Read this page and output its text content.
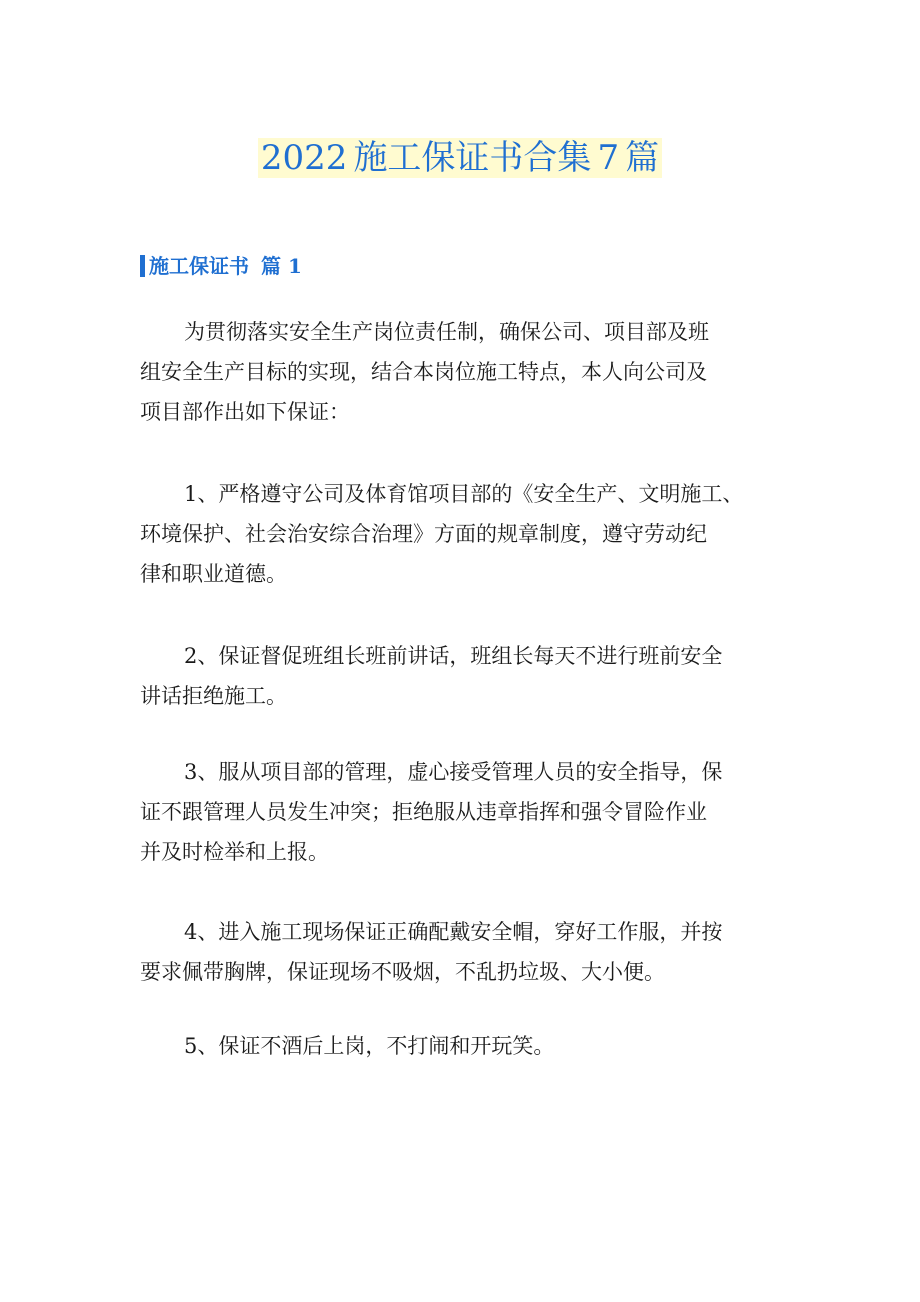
2022 施工保证书合集 7 篇
施工保证书 篇 1
为贯彻落实安全生产岗位责任制，确保公司、项目部及班
组安全生产目标的实现，结合本岗位施工特点，本人向公司及
项目部作出如下保证：
1、严格遵守公司及体育馆项目部的《安全生产、文明施工、
环境保护、社会治安综合治理》方面的规章制度，遵守劳动纪
律和职业道德。
2、保证督促班组长班前讲话，班组长每天不进行班前安全
讲话拒绝施工。
3、服从项目部的管理，虚心接受管理人员的安全指导，保
证不跟管理人员发生冲突；拒绝服从违章指挥和强令冒险作业
并及时检举和上报。
4、进入施工现场保证正确配戴安全帽，穿好工作服，并按
要求佩带胸牌，保证现场不吸烟，不乱扔垃圾、大小便。
5、保证不酒后上岗，不打闹和开玩笑。
